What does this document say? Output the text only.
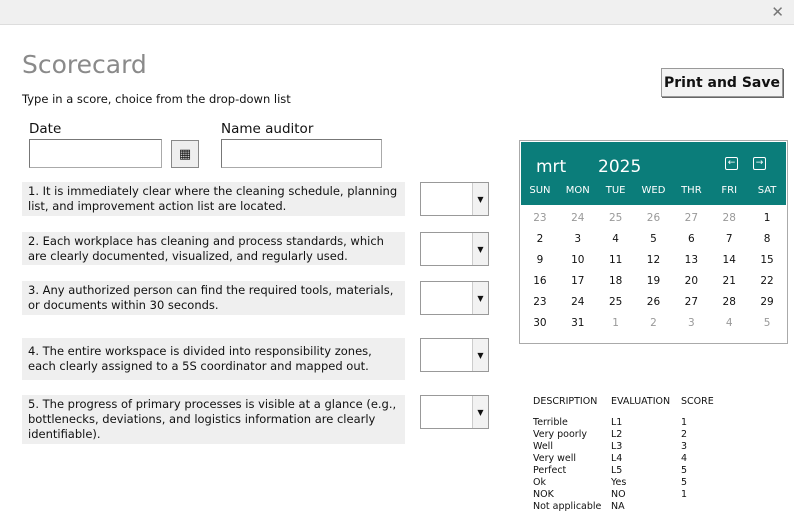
✕
Scorecard
Type in a score, choice from the drop-down list
Print and Save
Date
▦
Name auditor
1. It is immediately clear where the cleaning schedule, planning list, and improvement action list are located.	▼
2. Each workplace has cleaning and process standards, which are clearly documented, visualized, and regularly used.	▼
3. Any authorized person can find the required tools, materials, or documents within 30 seconds.	▼
4. The entire workspace is divided into responsibility zones, each clearly assigned to a 5S coordinator and mapped out.
▼
5. The progress of primary processes is visible at a glance (e.g., bottlenecks, deviations, and logistics information are clearly identifiable).
▼
mrt 2025	←	→
SUN	MON	TUE	WED	THR	FRI	SAT
23	24	25	26	27	28	1
2	3	4	5	6	7	8
9	10	11	12	13	14	15
16	17	18	19	20	21	22
23	24	25	26	27	28	29
30	31	1	2	3	4	5
DESCRIPTION	EVALUATION	SCORE
Terrible	L1	1
Very poorly	L2	2
Well	L3	3
Very well	L4	4
Perfect	L5	5
Ok	Yes	5
NOK	NO	1
Not applicable	NA
